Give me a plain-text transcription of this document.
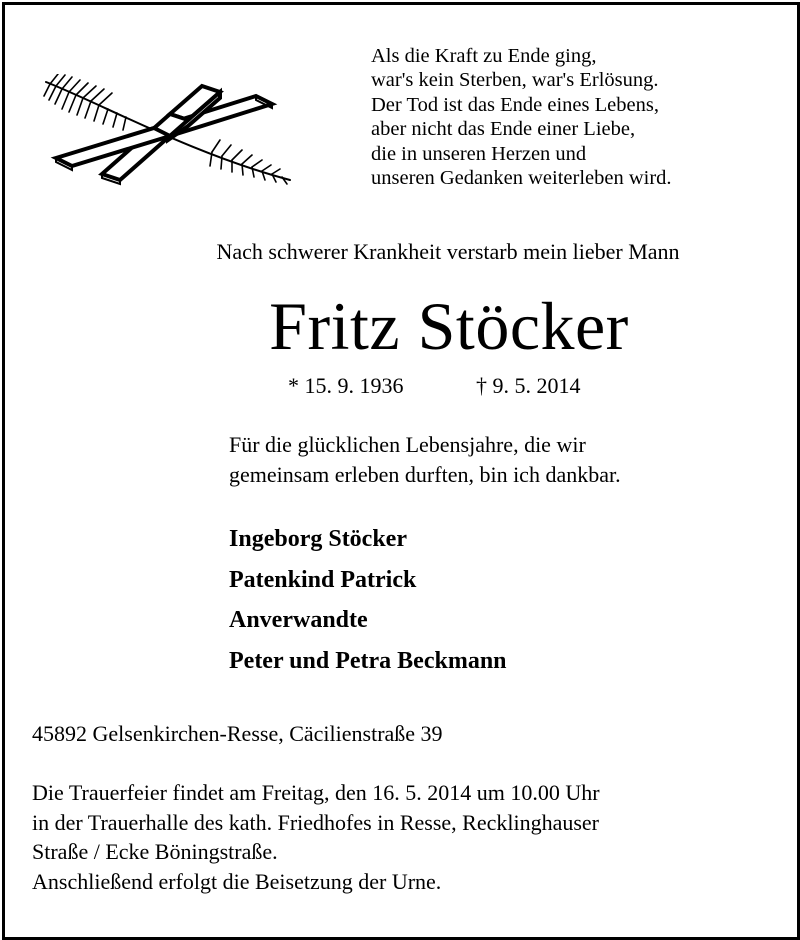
Als die Kraft zu Ende ging,
war's kein Sterben, war's Erlösung.
Der Tod ist das Ende eines Lebens,
aber nicht das Ende einer Liebe,
die in unseren Herzen und
unseren Gedanken weiterleben wird.
Nach schwerer Krankheit verstarb mein lieber Mann
Fritz Stöcker
* 15. 9. 1936	† 9. 5. 2014
Für die glücklichen Lebensjahre, die wir
gemeinsam erleben durften, bin ich dankbar.
Ingeborg Stöcker
Patenkind Patrick
Anverwandte
Peter und Petra Beckmann
45892 Gelsenkirchen-Resse, Cäcilienstraße 39
Die Trauerfeier findet am Freitag, den 16. 5. 2014 um 10.00 Uhr
in der Trauerhalle des kath. Friedhofes in Resse, Recklinghauser
Straße / Ecke Böningstraße.
Anschließend erfolgt die Beisetzung der Urne.
